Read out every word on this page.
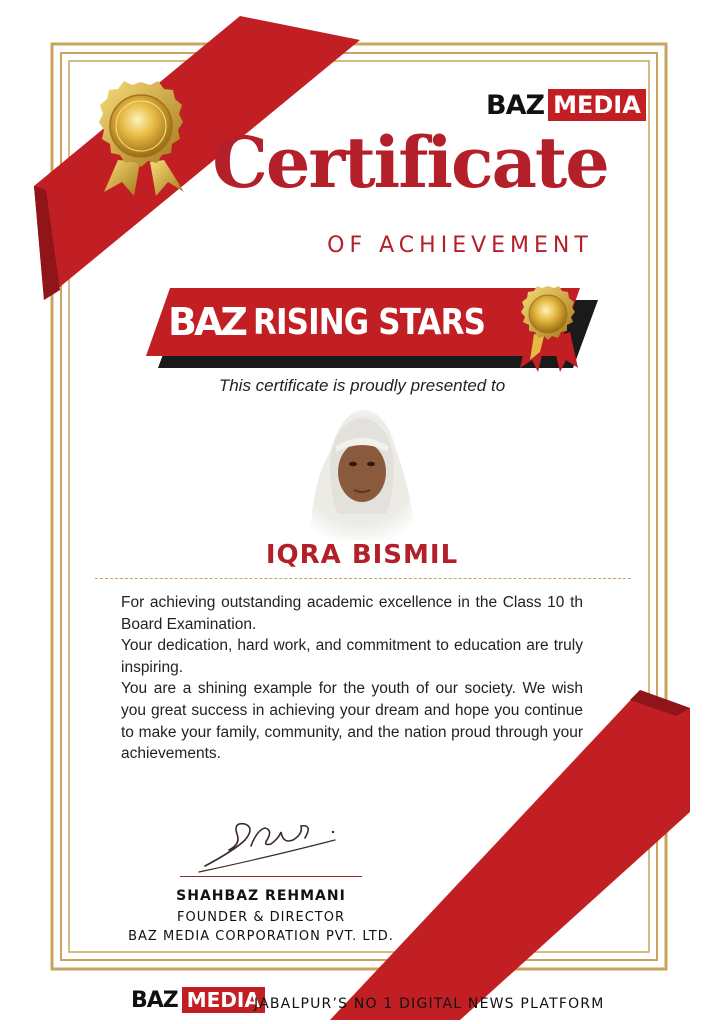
BAZ MEDIA
Certificate
OF ACHIEVEMENT
BAZ RISING STARS
This certificate is proudly presented to
IQRA BISMIL

For achieving outstanding academic excellence in the Class 10 th Board Examination.

Your dedication, hard work, and commitment to education are truly inspiring.

You are a shining example for the youth of our society. We wish you great success in achieving your dream and hope you continue to make your family, community, and the nation proud through your achievements.

SHAHBAZ REHMANI
FOUNDER & DIRECTOR
BAZ MEDIA CORPORATION PVT. LTD.
BAZ MEDIA
JABALPUR’S NO 1 DIGITAL NEWS PLATFORM
